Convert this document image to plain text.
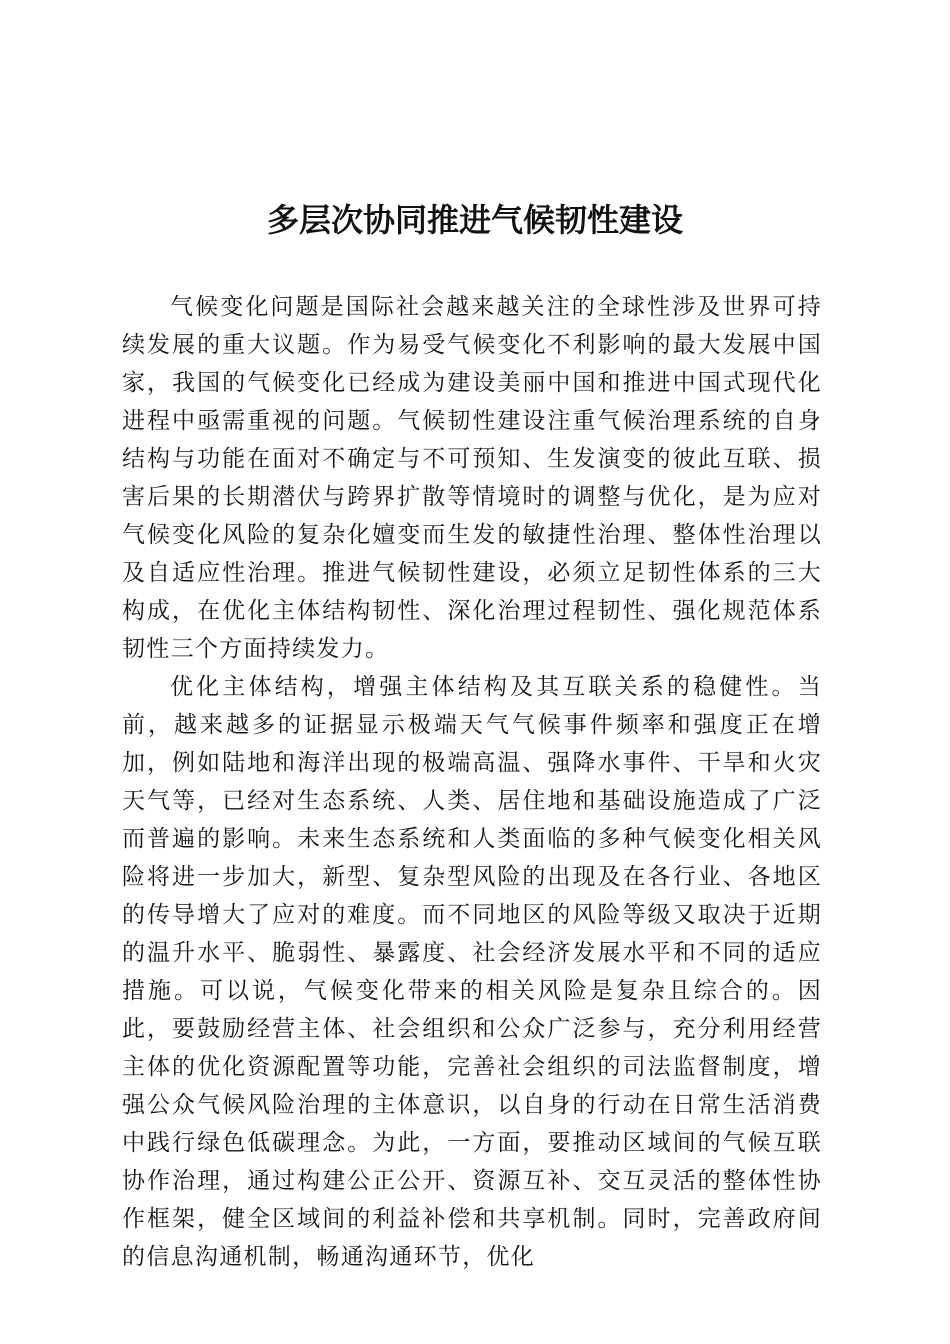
多层次协同推进气候韧性建设

气候变化问题是国际社会越来越关注的全球性涉及世界可持续发展的重大议题。作为易受气候变化不利影响的最大发展中国家，我国的气候变化已经成为建设美丽中国和推进中国式现代化进程中亟需重视的问题。气候韧性建设注重气候治理系统的自身结构与功能在面对不确定与不可预知、生发演变的彼此互联、损害后果的长期潜伏与跨界扩散等情境时的调整与优化，是为应对气候变化风险的复杂化嬗变而生发的敏捷性治理、整体性治理以及自适应性治理。推进气候韧性建设，必须立足韧性体系的三大构成，在优化主体结构韧性、深化治理过程韧性、强化规范体系韧性三个方面持续发力。

优化主体结构，增强主体结构及其互联关系的稳健性。当前，越来越多的证据显示极端天气气候事件频率和强度正在增加，例如陆地和海洋出现的极端高温、强降水事件、干旱和火灾天气等，已经对生态系统、人类、居住地和基础设施造成了广泛而普遍的影响。未来生态系统和人类面临的多种气候变化相关风险将进一步加大，新型、复杂型风险的出现及在各行业、各地区的传导增大了应对的难度。而不同地区的风险等级又取决于近期的温升水平、脆弱性、暴露度、社会经济发展水平和不同的适应措施。可以说，气候变化带来的相关风险是复杂且综合的。因此，要鼓励经营主体、社会组织和公众广泛参与，充分利用经营主体的优化资源配置等功能，完善社会组织的司法监督制度，增强公众气候风险治理的主体意识，以自身的行动在日常生活消费中践行绿色低碳理念。为此，一方面，要推动区域间的气候互联协作治理，通过构建公正公开、资源互补、交互灵活的整体性协作框架，健全区域间的利益补偿和共享机制。同时，完善政府间的信息沟通机制，畅通沟通环节，优化
